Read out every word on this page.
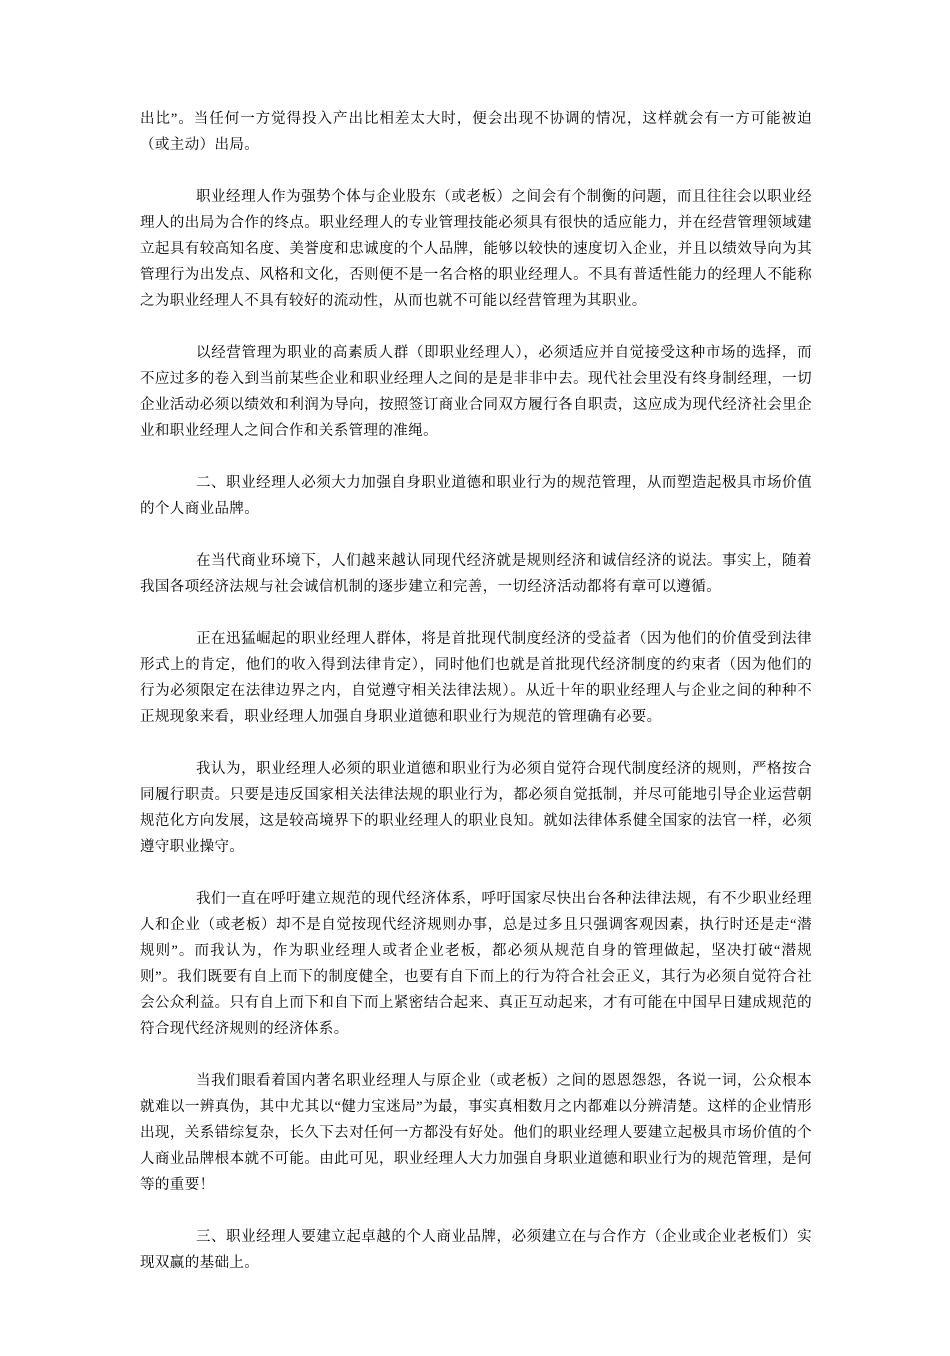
出比”。当任何一方觉得投入产出比相差太大时，便会出现不协调的情况，这样就会有一方可能被迫（或主动）出局。

职业经理人作为强势个体与企业股东（或老板）之间会有个制衡的问题，而且往往会以职业经理人的出局为合作的终点。职业经理人的专业管理技能必须具有很快的适应能力，并在经营管理领域建立起具有较高知名度、美誉度和忠诚度的个人品牌，能够以较快的速度切入企业，并且以绩效导向为其管理行为出发点、风格和文化，否则便不是一名合格的职业经理人。不具有普适性能力的经理人不能称之为职业经理人不具有较好的流动性，从而也就不可能以经营管理为其职业。

以经营管理为职业的高素质人群（即职业经理人），必须适应并自觉接受这种市场的选择，而不应过多的卷入到当前某些企业和职业经理人之间的是是非非中去。现代社会里没有终身制经理，一切企业活动必须以绩效和利润为导向，按照签订商业合同双方履行各自职责，这应成为现代经济社会里企业和职业经理人之间合作和关系管理的准绳。

二、职业经理人必须大力加强自身职业道德和职业行为的规范管理，从而塑造起极具市场价值的个人商业品牌。

在当代商业环境下，人们越来越认同现代经济就是规则经济和诚信经济的说法。事实上，随着我国各项经济法规与社会诚信机制的逐步建立和完善，一切经济活动都将有章可以遵循。

正在迅猛崛起的职业经理人群体，将是首批现代制度经济的受益者（因为他们的价值受到法律形式上的肯定，他们的收入得到法律肯定），同时他们也就是首批现代经济制度的约束者（因为他们的行为必须限定在法律边界之内，自觉遵守相关法律法规）。从近十年的职业经理人与企业之间的种种不正规现象来看，职业经理人加强自身职业道德和职业行为规范的管理确有必要。

我认为，职业经理人必须的职业道德和职业行为必须自觉符合现代制度经济的规则，严格按合同履行职责。只要是违反国家相关法律法规的职业行为，都必须自觉抵制，并尽可能地引导企业运营朝规范化方向发展，这是较高境界下的职业经理人的职业良知。就如法律体系健全国家的法官一样，必须遵守职业操守。

我们一直在呼吁建立规范的现代经济体系，呼吁国家尽快出台各种法律法规，有不少职业经理人和企业（或老板）却不是自觉按现代经济规则办事，总是过多且只强调客观因素，执行时还是走“潜规则”。而我认为，作为职业经理人或者企业老板，都必须从规范自身的管理做起，坚决打破“潜规则”。我们既要有自上而下的制度健全，也要有自下而上的行为符合社会正义，其行为必须自觉符合社会公众利益。只有自上而下和自下而上紧密结合起来、真正互动起来，才有可能在中国早日建成规范的符合现代经济规则的经济体系。

当我们眼看着国内著名职业经理人与原企业（或老板）之间的恩恩怨怨，各说一词，公众根本就难以一辨真伪，其中尤其以“健力宝迷局”为最，事实真相数月之内都难以分辨清楚。这样的企业情形出现，关系错综复杂，长久下去对任何一方都没有好处。他们的职业经理人要建立起极具市场价值的个人商业品牌根本就不可能。由此可见，职业经理人大力加强自身职业道德和职业行为的规范管理，是何等的重要！

三、职业经理人要建立起卓越的个人商业品牌，必须建立在与合作方（企业或企业老板们）实现双赢的基础上。
